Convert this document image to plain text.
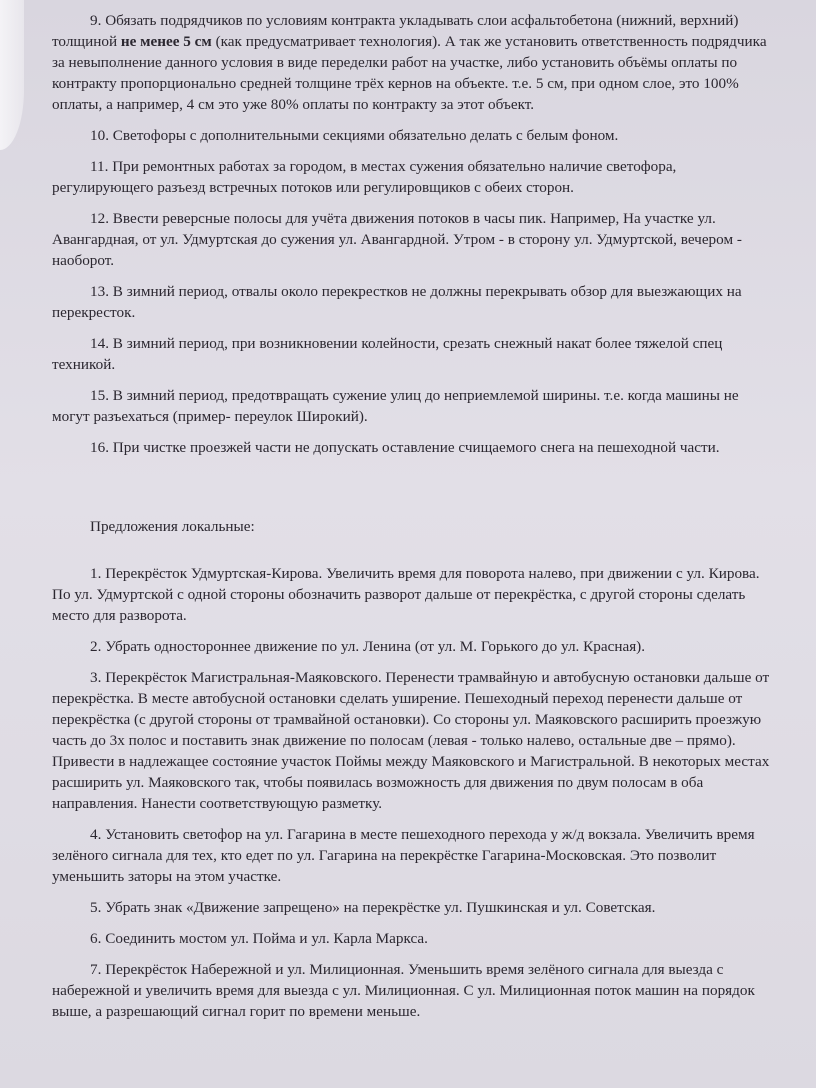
9. Обязать подрядчиков по условиям контракта укладывать слои асфальтобетона (нижний, верхний) толщиной не менее 5 см (как предусматривает технология). А так же установить ответственность подрядчика за невыполнение данного условия в виде переделки работ на участке, либо установить объёмы оплаты по контракту пропорционально средней толщине трёх кернов на объекте. т.е. 5 см, при одном слое, это 100% оплаты, а например, 4 см это уже 80% оплаты по контракту за этот объект.

10. Светофоры с дополнительными секциями обязательно делать с белым фоном.

11. При ремонтных работах за городом, в местах сужения обязательно наличие светофора, регулирующего разъезд встречных потоков или регулировщиков с обеих сторон.

12. Ввести реверсные полосы для учёта движения потоков в часы пик. Например, На участке ул. Авангардная, от ул. Удмуртская до сужения ул. Авангардной. Утром - в сторону ул. Удмуртской, вечером - наоборот.

13. В зимний период, отвалы около перекрестков не должны перекрывать обзор для выезжающих на перекресток.

14. В зимний период, при возникновении колейности, срезать снежный накат более тяжелой спец техникой.

15. В зимний период, предотвращать сужение улиц до неприемлемой ширины. т.е. когда машины не могут разъехаться (пример- переулок Широкий).

16. При чистке проезжей части не допускать оставление счищаемого снега на пешеходной части.

Предложения локальные:

1. Перекрёсток Удмуртская-Кирова. Увеличить время для поворота налево, при движении с ул. Кирова. По ул. Удмуртской с одной стороны обозначить разворот дальше от перекрёстка, с другой стороны сделать место для разворота.

2. Убрать одностороннее движение по ул. Ленина (от ул. М. Горького до ул. Красная).

3. Перекрёсток Магистральная-Маяковского. Перенести трамвайную и автобусную остановки дальше от перекрёстка. В месте автобусной остановки сделать уширение. Пешеходный переход перенести дальше от перекрёстка (с другой стороны от трамвайной остановки). Со стороны ул. Маяковского расширить проезжую часть до 3х полос и поставить знак движение по полосам (левая - только налево, остальные две – прямо). Привести в надлежащее состояние участок Поймы между Маяковского и Магистральной. В некоторых местах расширить ул. Маяковского так, чтобы появилась возможность для движения по двум полосам в оба направления. Нанести соответствующую разметку.

4. Установить светофор на ул. Гагарина в месте пешеходного перехода у ж/д вокзала. Увеличить время зелёного сигнала для тех, кто едет по ул. Гагарина на перекрёстке Гагарина-Московская. Это позволит уменьшить заторы на этом участке.

5. Убрать знак «Движение запрещено» на перекрёстке ул. Пушкинская и ул. Советская.

6. Соединить мостом ул. Пойма и ул. Карла Маркса.

7. Перекрёсток Набережной и ул. Милиционная. Уменьшить время зелёного сигнала для выезда с набережной и увеличить время для выезда с ул. Милиционная. С ул. Милиционная поток машин на порядок выше, а разрешающий сигнал горит по времени меньше.
